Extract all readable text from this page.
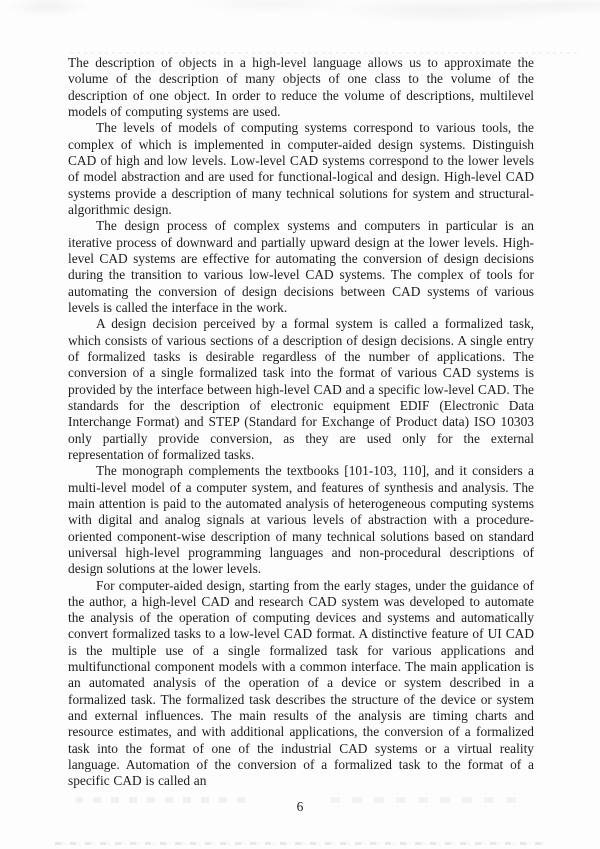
The description of objects in a high-level language allows us to approximate the volume of the description of many objects of one class to the volume of the description of one object. In order to reduce the volume of descriptions, multilevel models of computing systems are used.

The levels of models of computing systems correspond to various tools, the complex of which is implemented in computer-aided design systems. Distinguish CAD of high and low levels. Low-level CAD systems correspond to the lower levels of model abstraction and are used for functional-logical and design. High-level CAD systems provide a description of many technical solutions for system and structural-algorithmic design.

The design process of complex systems and computers in particular is an iterative process of downward and partially upward design at the lower levels. High-level CAD systems are effective for automating the conversion of design decisions during the transition to various low-level CAD systems. The complex of tools for automating the conversion of design decisions between CAD systems of various levels is called the interface in the work.

A design decision perceived by a formal system is called a formalized task, which consists of various sections of a description of design decisions. A single entry of formalized tasks is desirable regardless of the number of applications. The conversion of a single formalized task into the format of various CAD systems is provided by the interface between high-level CAD and a specific low-level CAD. The standards for the description of electronic equipment EDIF (Electronic Data Interchange Format) and STEP (Standard for Exchange of Product data) ISO 10303 only partially provide conversion, as they are used only for the external representation of formalized tasks.

The monograph complements the textbooks [101-103, 110], and it considers a multi-level model of a computer system, and features of synthesis and analysis. The main attention is paid to the automated analysis of heterogeneous computing systems with digital and analog signals at various levels of abstraction with a procedure-oriented component-wise description of many technical solutions based on standard universal high-level programming languages and non-procedural descriptions of design solutions at the lower levels.

For computer-aided design, starting from the early stages, under the guidance of the author, a high-level CAD and research CAD system was developed to automate the analysis of the operation of computing devices and systems and automatically convert formalized tasks to a low-level CAD format. A distinctive feature of UI CAD is the multiple use of a single formalized task for various applications and multifunctional component models with a common interface. The main application is an automated analysis of the operation of a device or system described in a formalized task. The formalized task describes the structure of the device or system and external influences. The main results of the analysis are timing charts and resource estimates, and with additional applications, the conversion of a formalized task into the format of one of the industrial CAD systems or a virtual reality language. Automation of the conversion of a formalized task to the format of a specific CAD is called an

6
